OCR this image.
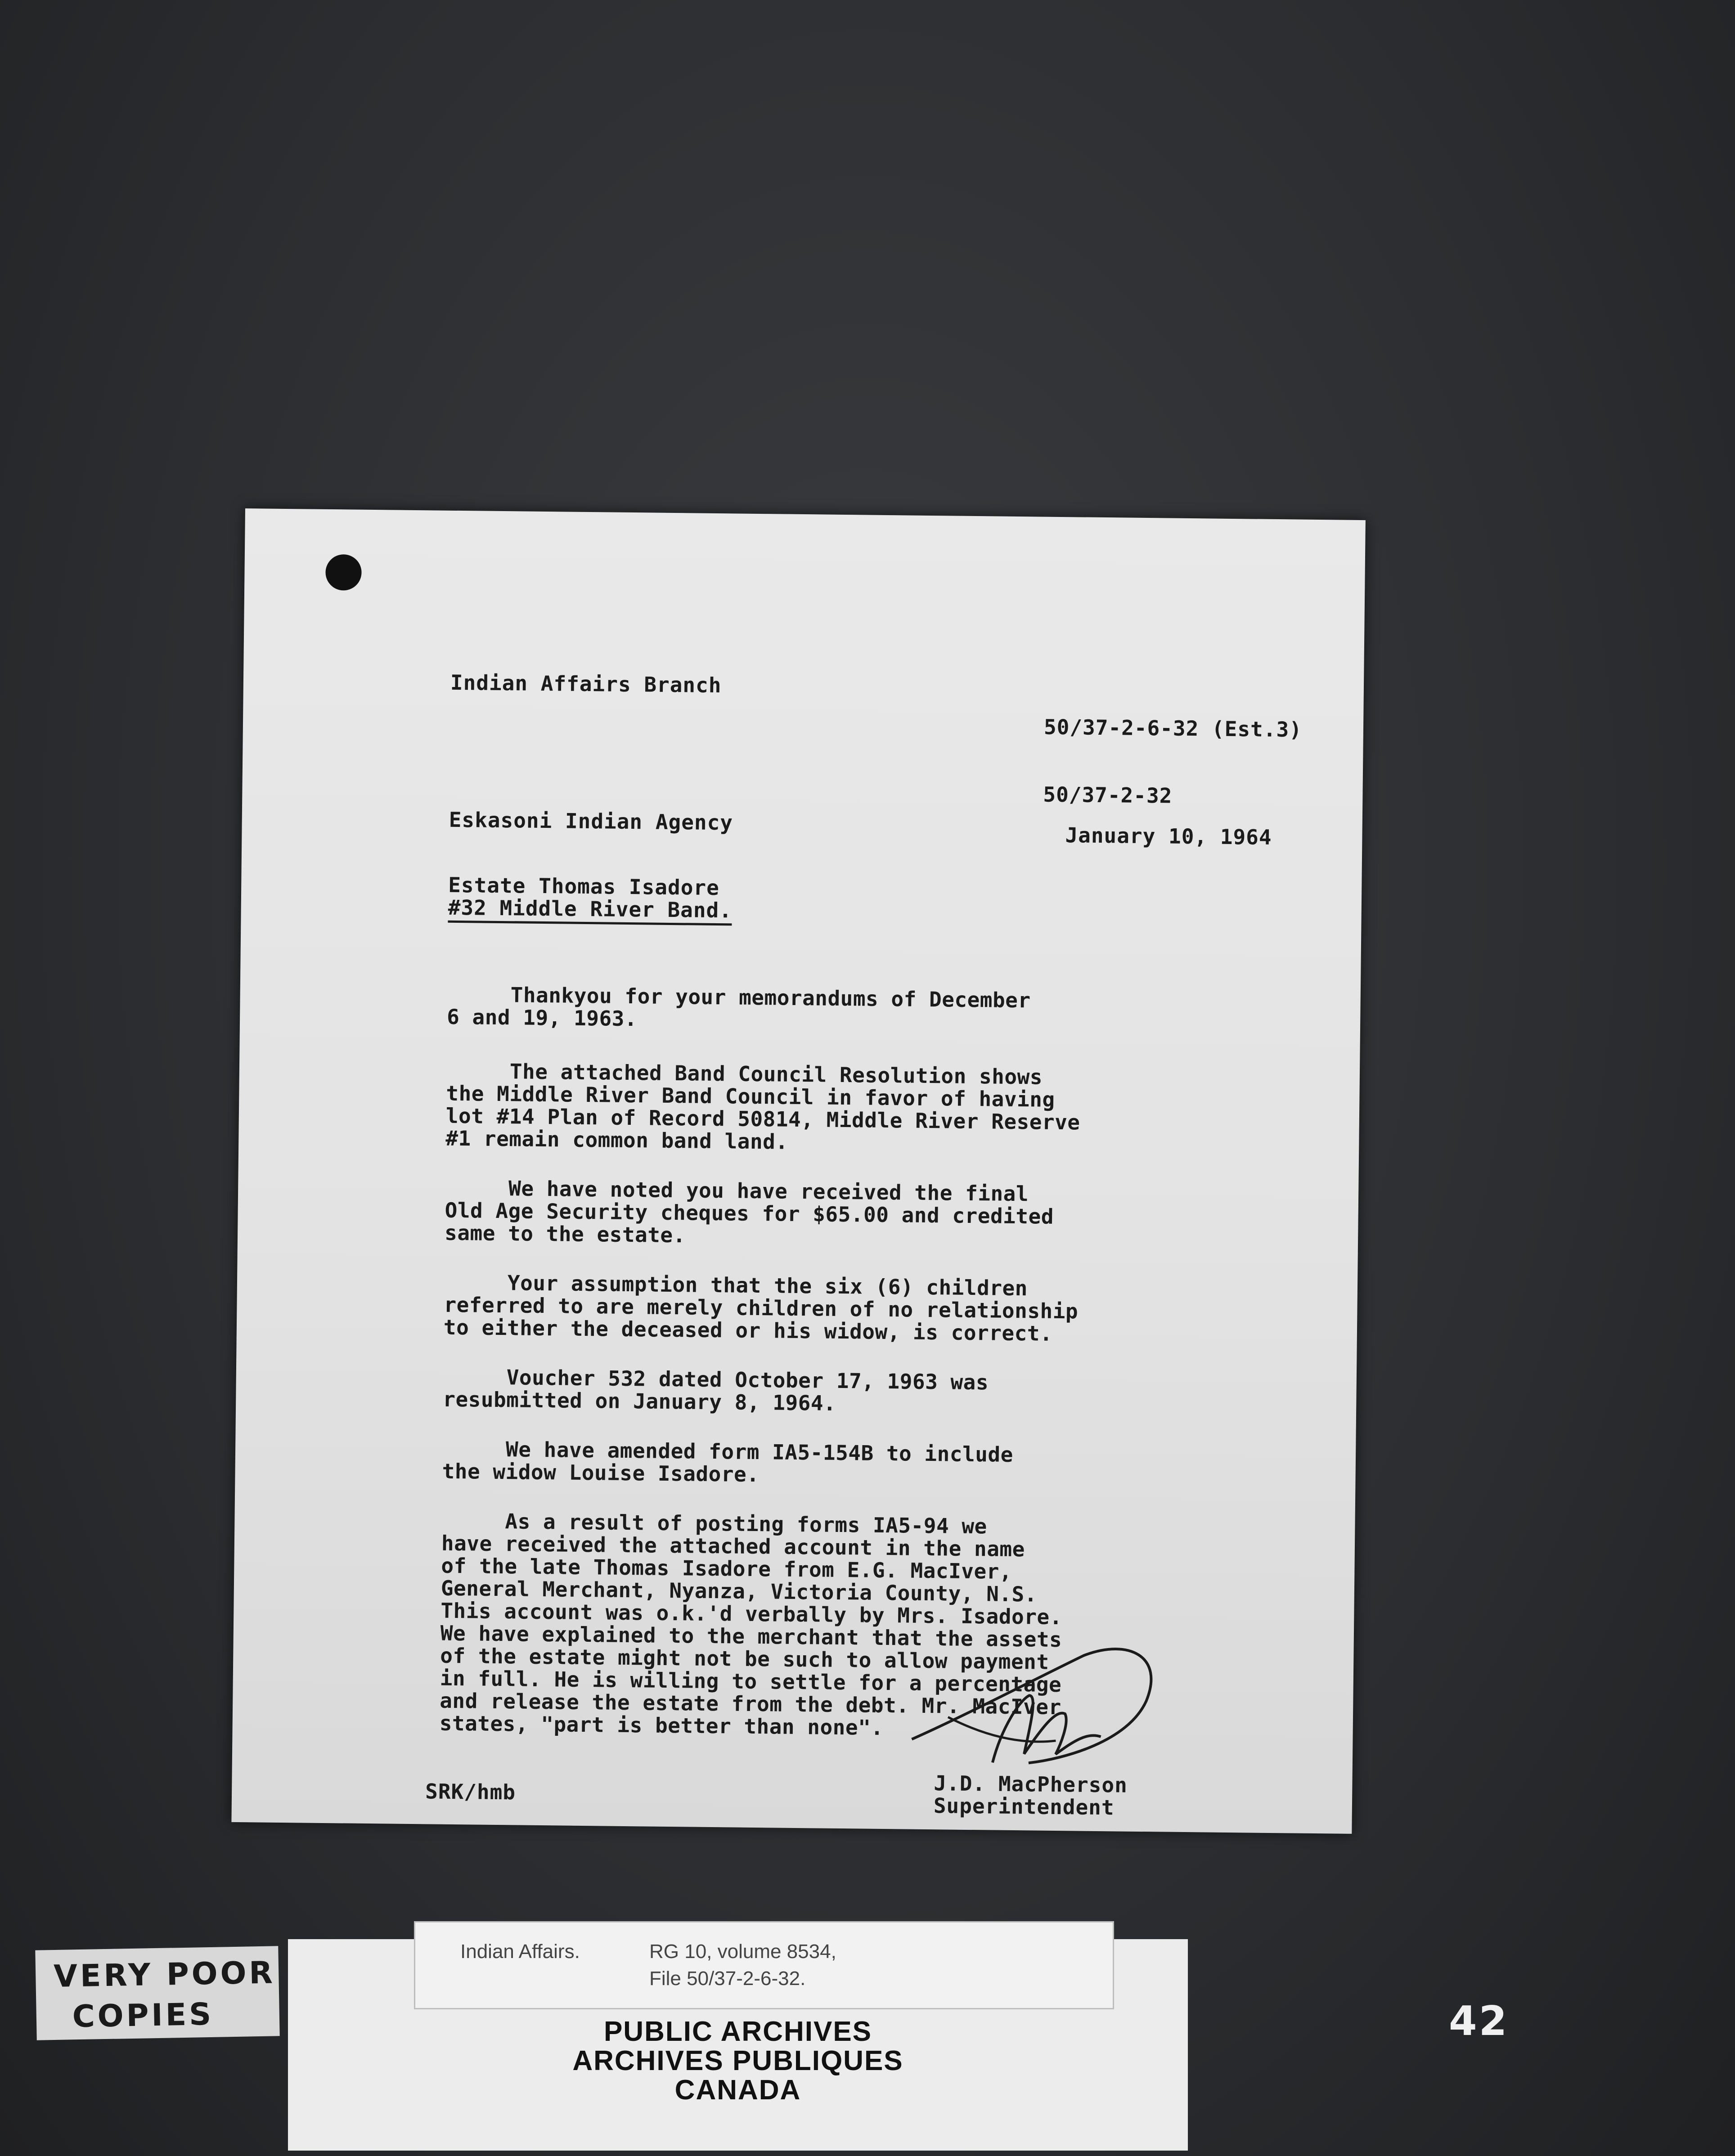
Indian Affairs Branch
50/37-2-6-32 (Est.3)
50/37-2-32
Eskasoni Indian Agency
January 10, 1964
Estate Thomas Isadore
#32 Middle River Band.
Thankyou for your memorandums of December
6 and 19, 1963.
The attached Band Council Resolution shows
the Middle River Band Council in favor of having
lot #14 Plan of Record 50814, Middle River Reserve
#1 remain common band land.
We have noted you have received the final
Old Age Security cheques for $65.00 and credited
same to the estate.
Your assumption that the six (6) children
referred to are merely children of no relationship
to either the deceased or his widow, is correct.
Voucher 532 dated October 17, 1963 was
resubmitted on January 8, 1964.
We have amended form IA5-154B to include
the widow Louise Isadore.
As a result of posting forms IA5-94 we
have received the attached account in the name
of the late Thomas Isadore from E.G. MacIver,
General Merchant, Nyanza, Victoria County, N.S.
This account was o.k.'d verbally by Mrs. Isadore.
We have explained to the merchant that the assets
of the estate might not be such to allow payment
in full. He is willing to settle for a percentage
and release the estate from the debt. Mr. MacIver
states, "part is better than none".
SRK/hmb	J.D. MacPherson
Superintendent
VERY POOR
COPIES
Indian Affairs.	RG 10, volume 8534,
File 50/37-2-6-32.
PUBLIC ARCHIVES
ARCHIVES PUBLIQUES
CANADA
42
